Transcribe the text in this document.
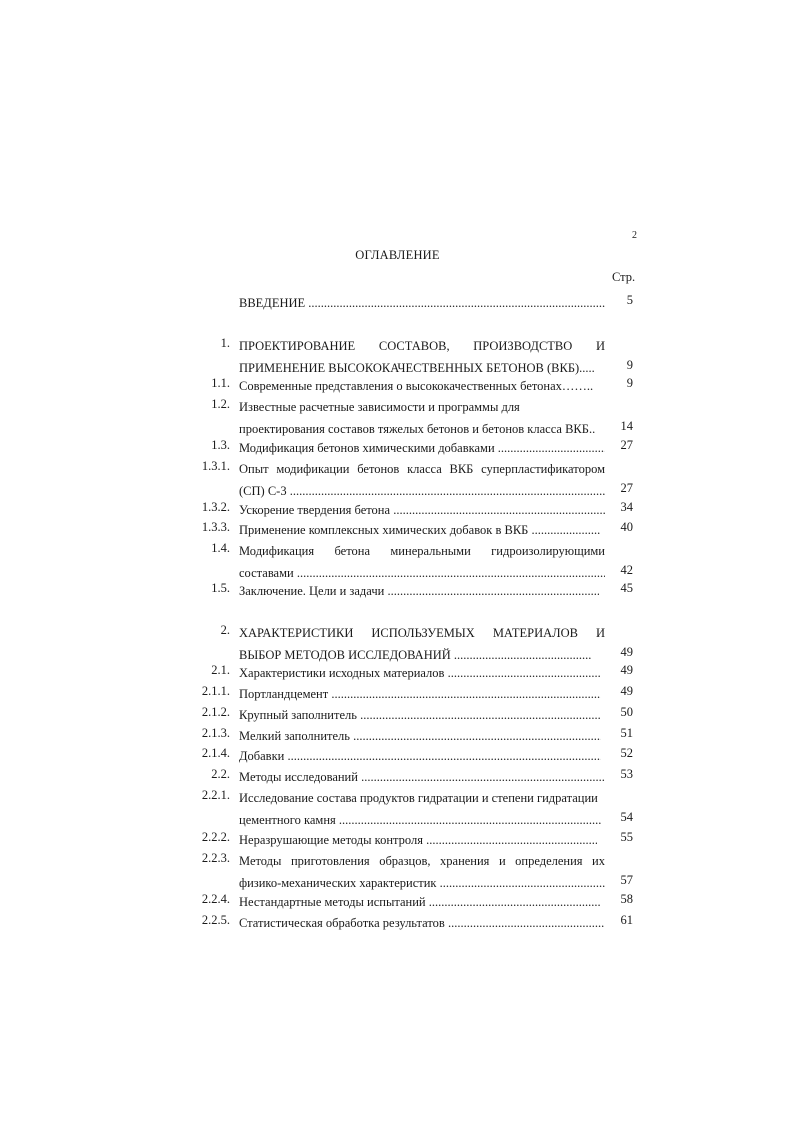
2
ОГЛАВЛЕНИЕ
Стр.
ВВЕДЕНИЕ .....	5
1. ПРОЕКТИРОВАНИЕ СОСТАВОВ, ПРОИЗВОДСТВО И
ПРИМЕНЕНИЕ ВЫСОКОКАЧЕСТВЕННЫХ БЕТОНОВ (ВКБ).....	9
1.1. Современные представления о высококачественных бетонах……..	9
1.2. Известные расчетные зависимости и программы для
проектирования составов тяжелых бетонов и бетонов класса ВКБ..	14
1.3. Модификация бетонов химическими добавками .....	27
1.3.1. Опыт модификации бетонов класса ВКБ суперпластификатором
(СП) С-3 .....	27
1.3.2. Ускорение твердения бетона .....	34
1.3.3. Применение комплексных химических добавок в ВКБ .....	40
1.4. Модификация бетона минеральными гидроизолирующими
составами .....	42
1.5. Заключение. Цели и задачи .....	45
2. ХАРАКТЕРИСТИКИ ИСПОЛЬЗУЕМЫХ МАТЕРИАЛОВ И
ВЫБОР МЕТОДОВ ИССЛЕДОВАНИЙ .....	49
2.1. Характеристики исходных материалов .....	49
2.1.1. Портландцемент .....	49
2.1.2. Крупный заполнитель .....	50
2.1.3. Мелкий заполнитель .....	51
2.1.4. Добавки .....	52
2.2. Методы исследований .....	53
2.2.1. Исследование состава продуктов гидратации и степени гидратации
цементного камня .....	54
2.2.2. Неразрушающие методы контроля .....	55
2.2.3. Методы приготовления образцов, хранения и определения их
физико-механических характеристик .....	57
2.2.4. Нестандартные методы испытаний .....	58
2.2.5. Статистическая обработка результатов .....	61
